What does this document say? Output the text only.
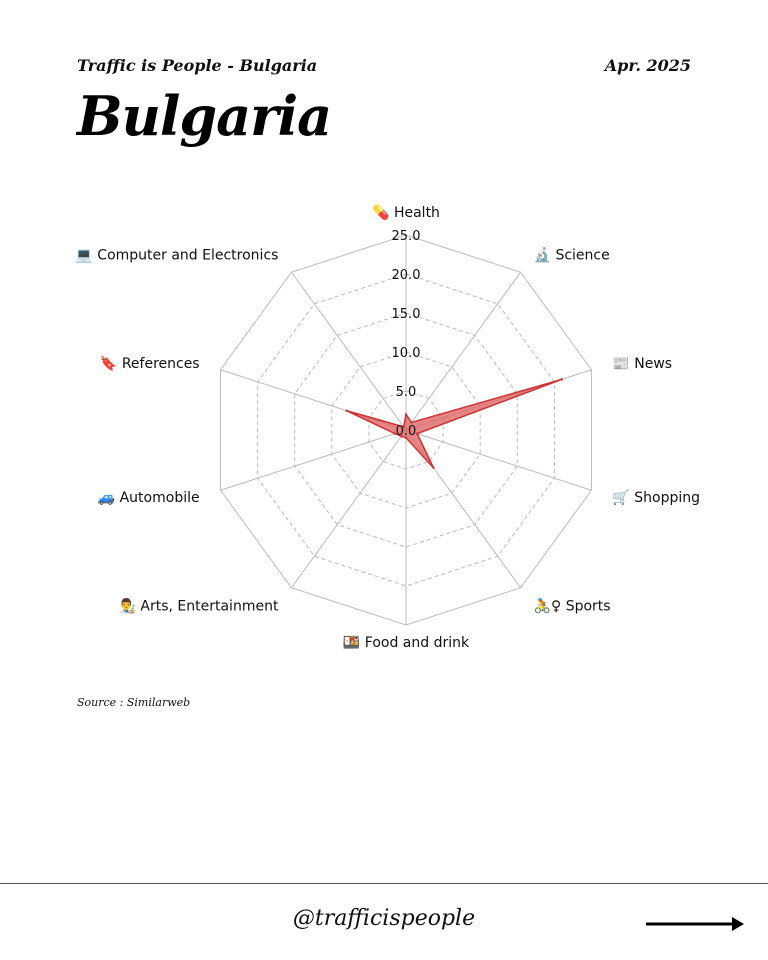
Traffic is People - Bulgaria	Apr. 2025
Bulgaria
0.0
5.0
10.0
15.0
20.0
25.0
💊 Health
🔬 Science
📰 News
🛒 Shopping
🚴♀ Sports
🍱 Food and drink
👨‍🎨 Arts, Entertainment
🚙 Automobile
🔖 References
💻 Computer and Electronics
Source : Similarweb
@trafficispeople
